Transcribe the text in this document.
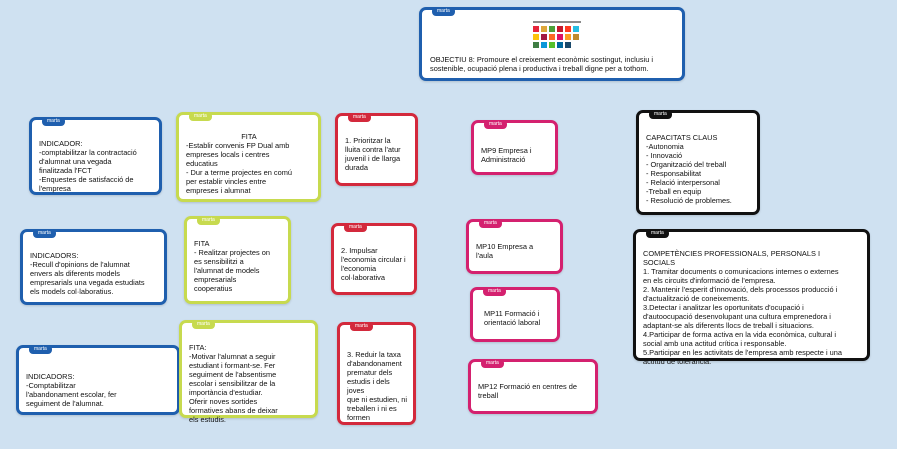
marta
OBJECTIU 8: Promoure el creixement econòmic sostingut, inclusiu i
sostenible, ocupació plena i productiva i treball digne per a tothom.
marta
INDICADOR:
-comptabilitzar la contractació
d'alumnat una vegada
finalitzada l'FCT
-Enquestes de satisfacció de
l'empresa
marta
INDICADORS:
-Recull d'opinions de l'alumnat
envers als diferents models
empresarials una vegada estudiats
els models col·laboratius.
marta
INDICADORS:
-Comptabilitzar
l'abandonament escolar, fer
seguiment de l'alumnat.
marta
FITA
-Establir convenis FP Dual amb
empreses locals i centres
educatius
- Dur a terme projectes en comú
per establir vincles entre
empreses i alumnat
marta
FITA
- Realitzar projectes on
es sensibilitzi a
l'alumnat de models
empresarials
cooperatius
marta
FITA:
-Motivar l'alumnat a seguir
estudiant i formant-se. Fer
seguiment de l'absentisme
escolar i sensibilitzar de la
importància d'estudiar.
Oferir noves sortides
formatives abans de deixar
els estudis.
marta
1. Prioritzar la
lluita contra l'atur
juvenil i de llarga
durada
marta
2. Impulsar
l'economia circular i
l'economia
col·laborativa
marta
3. Reduir la taxa
d'abandonament
prematur dels
estudis i dels joves
que ni estudien, ni
treballen i ni es
formen
marta
MP9 Empresa i
Administració
marta
MP10 Empresa a
l'aula
marta
MP11 Formació i
orientació laboral
marta
MP12 Formació en centres de
treball
marta
CAPACITATS CLAUS
-Autonomia
- Innovació
- Organització del treball
- Responsabilitat
- Relació interpersonal
-Treball en equip
- Resolució de problemes.
marta
COMPETÈNCIES PROFESSIONALS, PERSONALS I
SOCIALS
1. Tramitar documents o comunicacions internes o externes
en els circuits d'informació de l'empresa.
2. Mantenir l'esperit d'innovació, dels processos producció i
d'actualització de coneixements.
3.Detectar i analitzar les oportunitats d'ocupació i
d'autoocupació desenvolupant una cultura emprenedora i
adaptant-se als diferents llocs de treball i situacions.
4.Participar de forma activa en la vida econòmica, cultural i
social amb una actitud crítica i responsable.
5.Participar en les activitats de l'empresa amb respecte i una
actitud de tolerància.
